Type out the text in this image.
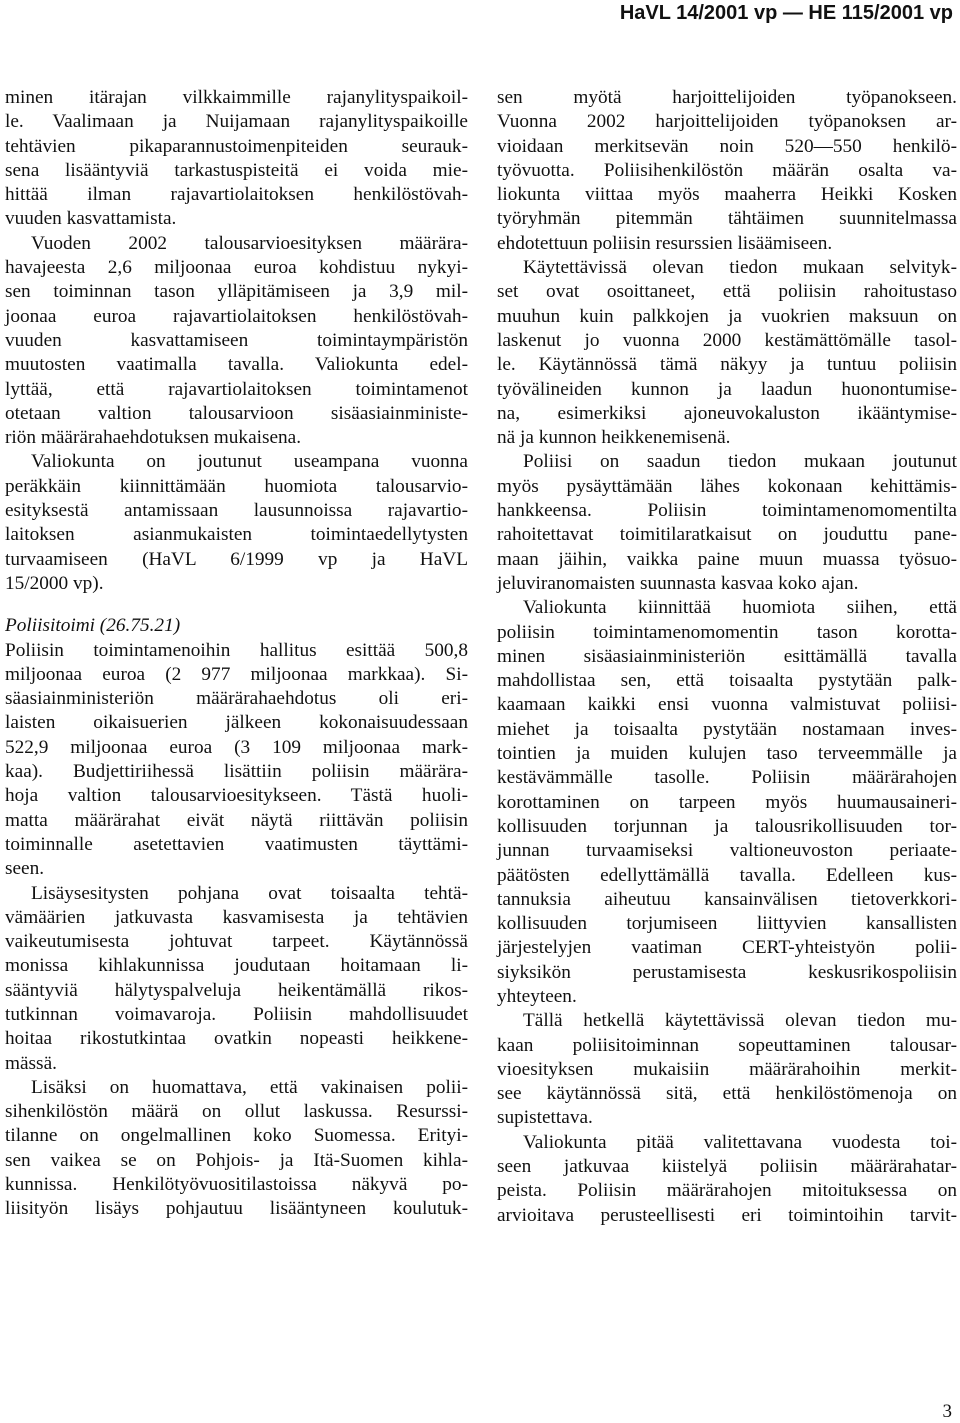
HaVL 14/2001 vp — HE 115/2001 vp
minen itärajan vilkkaimmille rajanylityspaikoil-
le. Vaalimaan ja Nuijamaan rajanylityspaikoille
tehtävien pikaparannustoimenpiteiden seurauk-
sena lisääntyviä tarkastuspisteitä ei voida mie-
hittää ilman rajavartiolaitoksen henkilöstövah-
vuuden kasvattamista.
Vuoden 2002 talousarvioesityksen määrära-
havajeesta 2,6 miljoonaa euroa kohdistuu nykyi-
sen toiminnan tason ylläpitämiseen ja 3,9 mil-
joonaa euroa rajavartiolaitoksen henkilöstövah-
vuuden kasvattamiseen toimintaympäristön
muutosten vaatimalla tavalla. Valiokunta edel-
lyttää, että rajavartiolaitoksen toimintamenot
otetaan valtion talousarvioon sisäasiainministe-
riön määrärahaehdotuksen mukaisena.
Valiokunta on joutunut useampana vuonna
peräkkäin kiinnittämään huomiota talousarvio-
esityksestä antamissaan lausunnoissa rajavartio-
laitoksen asianmukaisten toimintaedellytysten
turvaamiseen (HaVL 6/1999 vp ja HaVL
15/2000 vp).
Poliisitoimi (26.75.21)
Poliisin toimintamenoihin hallitus esittää 500,8
miljoonaa euroa (2 977 miljoonaa markkaa). Si-
säasiainministeriön määrärahaehdotus oli eri-
laisten oikaisuerien jälkeen kokonaisuudessaan
522,9 miljoonaa euroa (3 109 miljoonaa mark-
kaa). Budjettiriihessä lisättiin poliisin määrära-
hoja valtion talousarvioesitykseen. Tästä huoli-
matta määrärahat eivät näytä riittävän poliisin
toiminnalle asetettavien vaatimusten täyttämi-
seen.
Lisäysesitysten pohjana ovat toisaalta tehtä-
vämäärien jatkuvasta kasvamisesta ja tehtävien
vaikeutumisesta johtuvat tarpeet. Käytännössä
monissa kihlakunnissa joudutaan hoitamaan li-
sääntyviä hälytyspalveluja heikentämällä rikos-
tutkinnan voimavaroja. Poliisin mahdollisuudet
hoitaa rikostutkintaa ovatkin nopeasti heikkene-
mässä.
Lisäksi on huomattava, että vakinaisen polii-
sihenkilöstön määrä on ollut laskussa. Resurssi-
tilanne on ongelmallinen koko Suomessa. Erityi-
sen vaikea se on Pohjois- ja Itä-Suomen kihla-
kunnissa. Henkilötyövuositilastoissa näkyvä po-
liisityön lisäys pohjautuu lisääntyneen koulutuk-
sen myötä harjoittelijoiden työpanokseen.
Vuonna 2002 harjoittelijoiden työpanoksen ar-
vioidaan merkitsevän noin 520—550 henkilö-
työvuotta. Poliisihenkilöstön määrän osalta va-
liokunta viittaa myös maaherra Heikki Kosken
työryhmän pitemmän tähtäimen suunnitelmassa
ehdotettuun poliisin resurssien lisäämiseen.
Käytettävissä olevan tiedon mukaan selvityk-
set ovat osoittaneet, että poliisin rahoitustaso
muuhun kuin palkkojen ja vuokrien maksuun on
laskenut jo vuonna 2000 kestämättömälle tasol-
le. Käytännössä tämä näkyy ja tuntuu poliisin
työvälineiden kunnon ja laadun huonontumise-
na, esimerkiksi ajoneuvokaluston ikääntymise-
nä ja kunnon heikkenemisenä.
Poliisi on saadun tiedon mukaan joutunut
myös pysäyttämään lähes kokonaan kehittämis-
hankkeensa. Poliisin toimintamenomomentilta
rahoitettavat toimitilaratkaisut on jouduttu pane-
maan jäihin, vaikka paine muun muassa työsuo-
jeluviranomaisten suunnasta kasvaa koko ajan.
Valiokunta kiinnittää huomiota siihen, että
poliisin toimintamenomomentin tason korotta-
minen sisäasiainministeriön esittämällä tavalla
mahdollistaa sen, että toisaalta pystytään palk-
kaamaan kaikki ensi vuonna valmistuvat poliisi-
miehet ja toisaalta pystytään nostamaan inves-
tointien ja muiden kulujen taso terveemmälle ja
kestävämmälle tasolle. Poliisin määrärahojen
korottaminen on tarpeen myös huumausaineri-
kollisuuden torjunnan ja talousrikollisuuden tor-
junnan turvaamiseksi valtioneuvoston periaate-
päätösten edellyttämällä tavalla. Edelleen kus-
tannuksia aiheutuu kansainvälisen tietoverkkori-
kollisuuden torjumiseen liittyvien kansallisten
järjestelyjen vaatiman CERT-yhteistyön polii-
siyksikön perustamisesta keskusrikospoliisin
yhteyteen.
Tällä hetkellä käytettävissä olevan tiedon mu-
kaan poliisitoiminnan sopeuttaminen talousar-
vioesityksen mukaisiin määrärahoihin merkit-
see käytännössä sitä, että henkilöstömenoja on
supistettava.
Valiokunta pitää valitettavana vuodesta toi-
seen jatkuvaa kiistelyä poliisin määrärahatar-
peista. Poliisin määrärahojen mitoituksessa on
arvioitava perusteellisesti eri toimintoihin tarvit-
3
